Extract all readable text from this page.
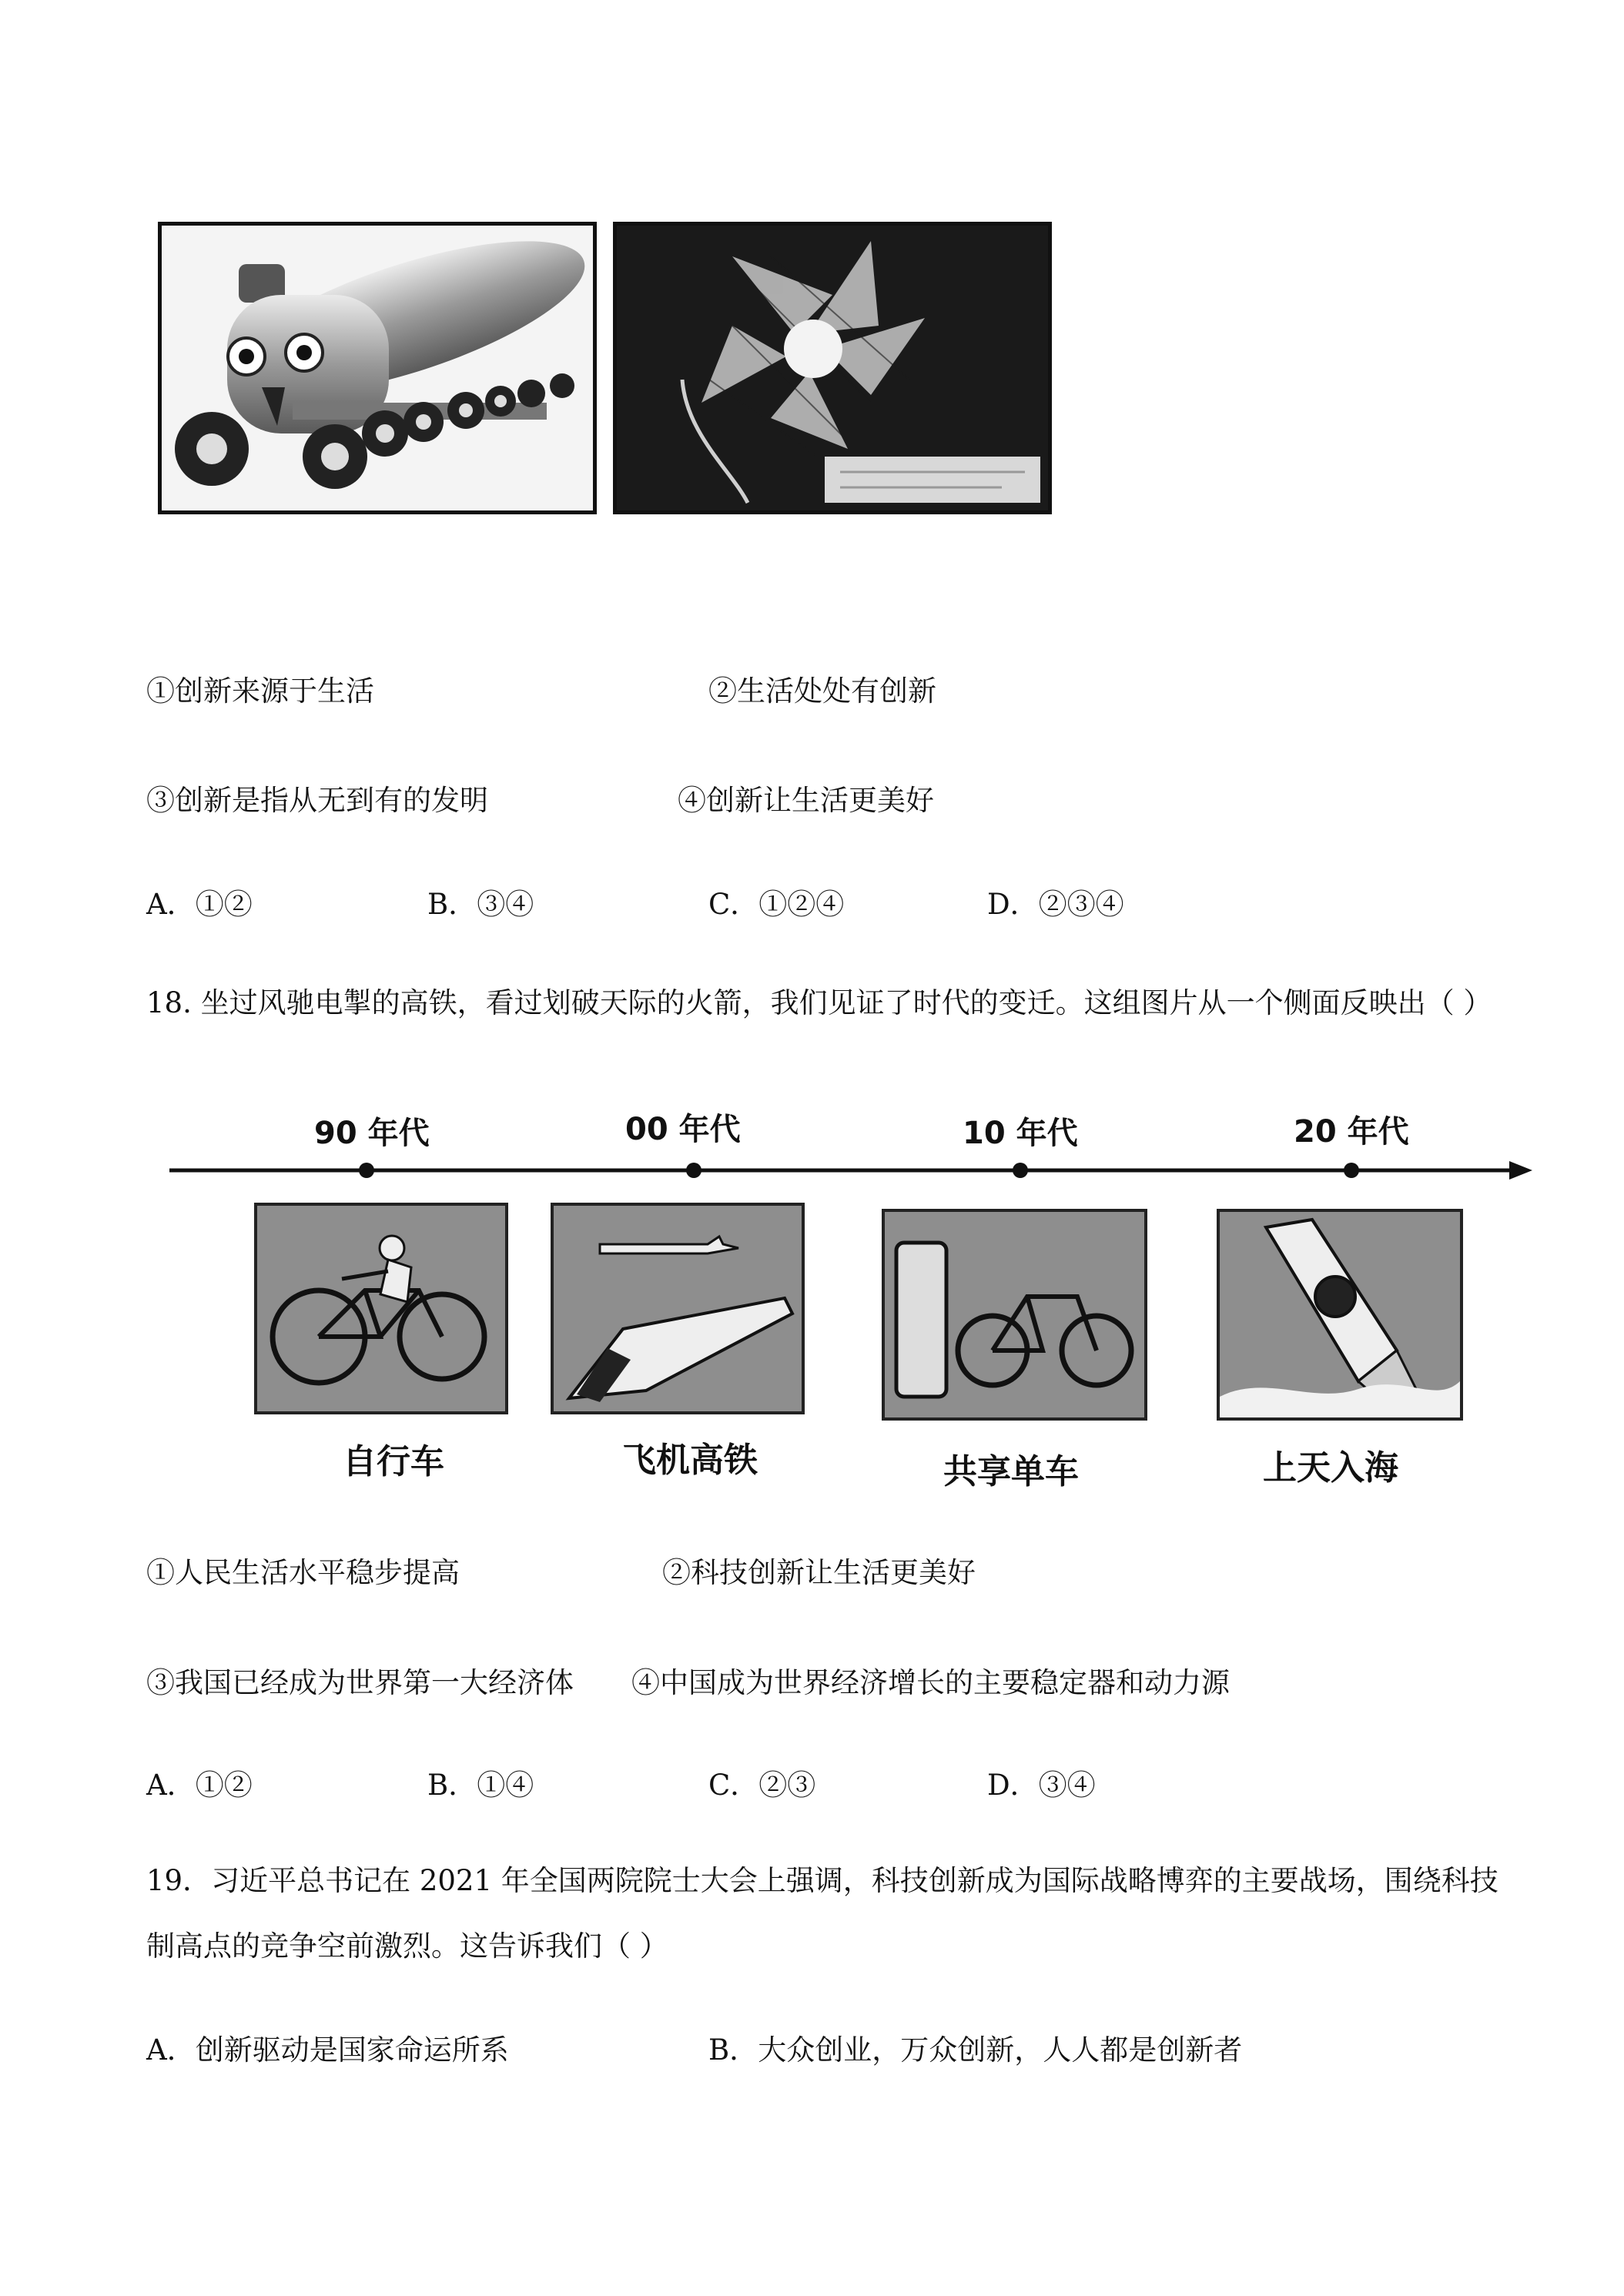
①创新来源于生活	②生活处处有创新
③创新是指从无到有的发明	④创新让生活更美好
A．①②	B．③④	C．①②④	D．②③④
18. 坐过风驰电掣的高铁，看过划破天际的火箭，我们见证了时代的变迁。这组图片从一个侧面反映出（ ）
90 年代	00 年代	10 年代	20 年代
自行车	飞机高铁	共享单车	上天入海
①人民生活水平稳步提高	②科技创新让生活更美好
③我国已经成为世界第一大经济体 ④中国成为世界经济增长的主要稳定器和动力源
A．①②	B．①④	C．②③	D．③④
19．习近平总书记在 2021 年全国两院院士大会上强调，科技创新成为国际战略博弈的主要战场，围绕科技
制高点的竞争空前激烈。这告诉我们（ ）
A．创新驱动是国家命运所系	B．大众创业，万众创新，人人都是创新者
